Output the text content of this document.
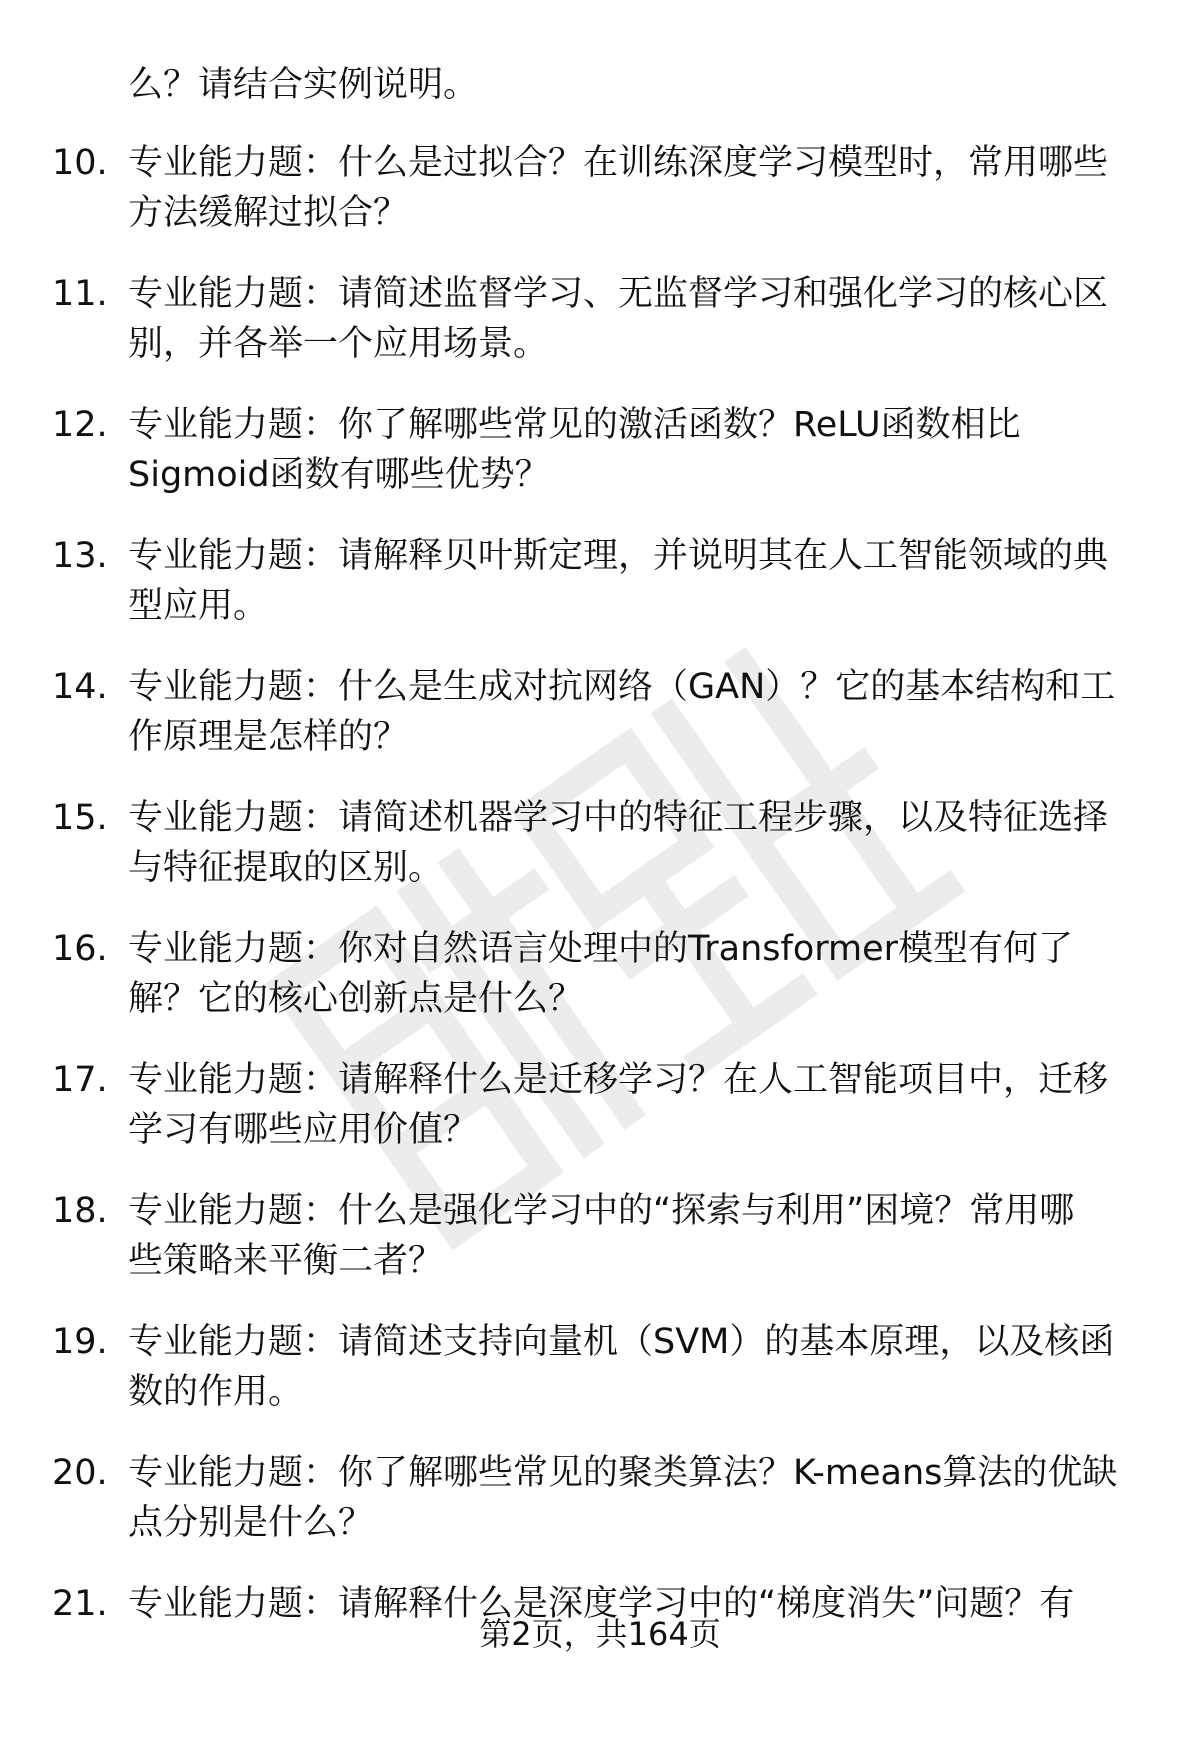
么？请结合实例说明。
10. 专业能力题：什么是过拟合？在训练深度学习模型时，常用哪些
方法缓解过拟合？
11. 专业能力题：请简述监督学习、无监督学习和强化学习的核心区
别，并各举一个应用场景。
12. 专业能力题：你了解哪些常见的激活函数？ReLU函数相比
Sigmoid函数有哪些优势？
13. 专业能力题：请解释贝叶斯定理，并说明其在人工智能领域的典
型应用。
14. 专业能力题：什么是生成对抗网络（GAN）？它的基本结构和工
作原理是怎样的？
15. 专业能力题：请简述机器学习中的特征工程步骤，以及特征选择
与特征提取的区别。
16. 专业能力题：你对自然语言处理中的Transformer模型有何了
解？它的核心创新点是什么？
17. 专业能力题：请解释什么是迁移学习？在人工智能项目中，迁移
学习有哪些应用价值？
18. 专业能力题：什么是强化学习中的“探索与利用”困境？常用哪
些策略来平衡二者？
19. 专业能力题：请简述支持向量机（SVM）的基本原理，以及核函
数的作用。
20. 专业能力题：你了解哪些常见的聚类算法？K-means算法的优缺
点分别是什么？
21. 专业能力题：请解释什么是深度学习中的“梯度消失”问题？有
第2页，共164页
